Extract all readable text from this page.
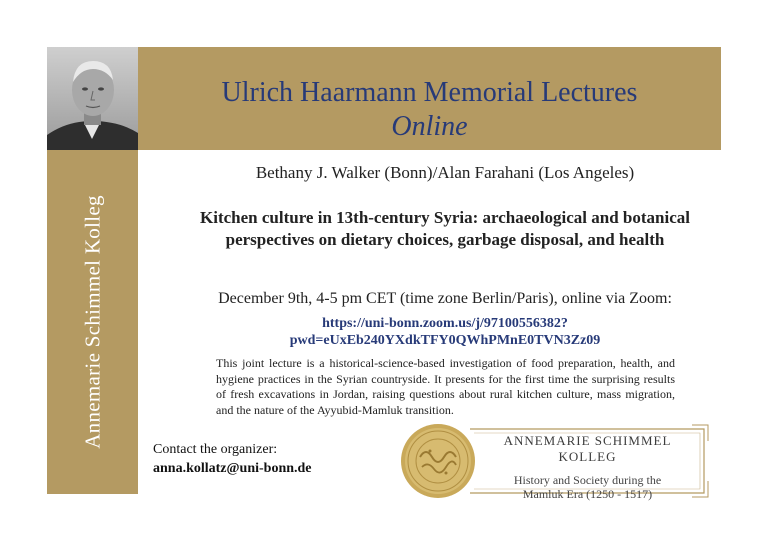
Annemarie Schimmel Kolleg
Ulrich Haarmann Memorial Lectures
Online
Bethany J. Walker (Bonn)/Alan Farahani (Los Angeles)
Kitchen culture in 13th-century Syria: archaeological and botanical perspectives on dietary choices, garbage disposal, and health
December 9th, 4-5 pm CET (time zone Berlin/Paris), online via Zoom:
https://uni-bonn.zoom.us/j/97100556382?
pwd=eUxEb240YXdkTFY0QWhPMnE0TVN3Zz09
This joint lecture is a historical-science-based investigation of food preparation, health, and hygiene practices in the Syrian countryside. It presents for the first time the surprising results of fresh excavations in Jordan, raising questions about rural kitchen culture, mass migration, and the nature of the Ayyubid-Mamluk transition.
Contact the organizer:
anna.kollatz@uni-bonn.de
ANNEMARIE SCHIMMEL KOLLEG
History and Society during the
Mamluk Era (1250 - 1517)
